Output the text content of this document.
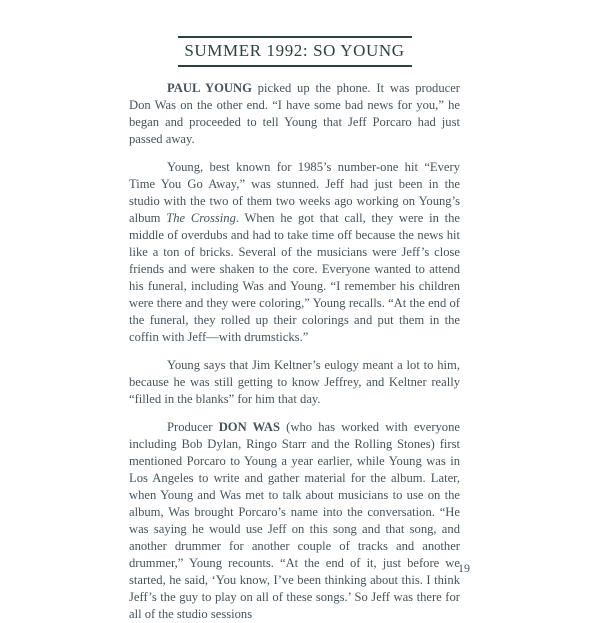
SUMMER 1992: SO YOUNG

PAUL YOUNG picked up the phone. It was producer Don Was on the other end. “I have some bad news for you,” he began and proceeded to tell Young that Jeff Porcaro had just passed away.

Young, best known for 1985’s number-one hit “Every Time You Go Away,” was stunned. Jeff had just been in the studio with the two of them two weeks ago working on Young’s album The Crossing. When he got that call, they were in the middle of overdubs and had to take time off because the news hit like a ton of bricks. Several of the musicians were Jeff’s close friends and were shaken to the core. Everyone wanted to attend his funeral, including Was and Young. “I remember his children were there and they were coloring,” Young recalls. “At the end of the funeral, they rolled up their colorings and put them in the coffin with Jeff—with drumsticks.”

Young says that Jim Keltner’s eulogy meant a lot to him, because he was still getting to know Jeffrey, and Keltner really “filled in the blanks” for him that day.

Producer DON WAS (who has worked with everyone including Bob Dylan, Ringo Starr and the Rolling Stones) first mentioned Porcaro to Young a year earlier, while Young was in Los Angeles to write and gather material for the album. Later, when Young and Was met to talk about musicians to use on the album, Was brought Porcaro’s name into the conversation. “He was saying he would use Jeff on this song and that song, and another drummer for another couple of tracks and another drummer,” Young recounts. “At the end of it, just before we started, he said, ‘You know, I’ve been thinking about this. I think Jeff’s the guy to play on all of these songs.’ So Jeff was there for all of the studio sessions

19
